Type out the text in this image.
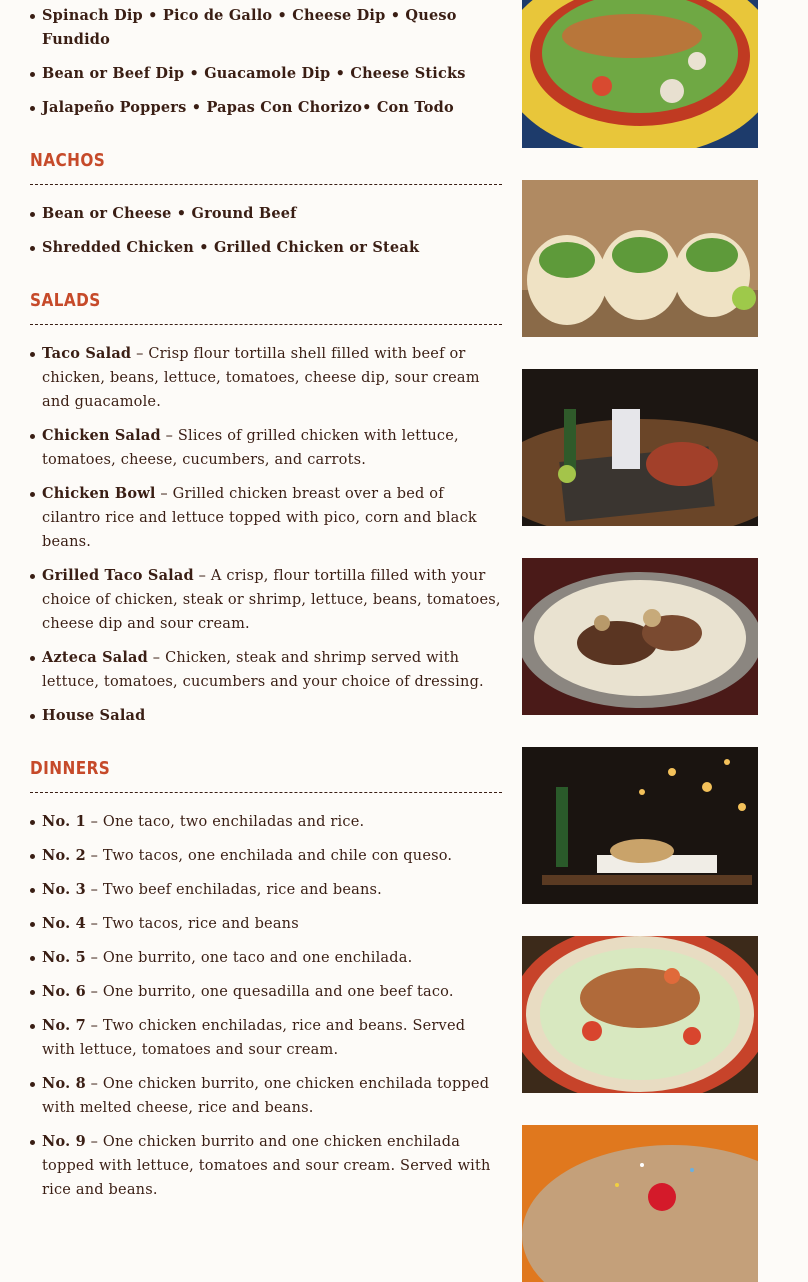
Spinach Dip • Pico de Gallo • Cheese Dip • Queso Fundido
Bean or Beef Dip • Guacamole Dip • Cheese Sticks
Jalapeño Poppers • Papas Con Chorizo• Con Todo
NACHOS
Bean or Cheese • Ground Beef
Shredded Chicken • Grilled Chicken or Steak
SALADS
Taco Salad – Crisp flour tortilla shell filled with beef or chicken, beans, lettuce, tomatoes, cheese dip, sour cream and guacamole.
Chicken Salad – Slices of grilled chicken with lettuce, tomatoes, cheese, cucumbers, and carrots.
Chicken Bowl – Grilled chicken breast over a bed of cilantro rice and lettuce topped with pico, corn and black beans.
Grilled Taco Salad – A crisp, flour tortilla filled with your choice of chicken, steak or shrimp, lettuce, beans, tomatoes, cheese dip and sour cream.
Azteca Salad – Chicken, steak and shrimp served with lettuce, tomatoes, cucumbers and your choice of dressing.
House Salad
DINNERS
No. 1 – One taco, two enchiladas and rice.
No. 2 – Two tacos, one enchilada and chile con queso.
No. 3 – Two beef enchiladas, rice and beans.
No. 4 – Two tacos, rice and beans
No. 5 – One burrito, one taco and one enchilada.
No. 6 – One burrito, one quesadilla and one beef taco.
No. 7 – Two chicken enchiladas, rice and beans. Served with lettuce, tomatoes and sour cream.
No. 8 – One chicken burrito, one chicken enchilada topped with melted cheese, rice and beans.
No. 9 – One chicken burrito and one chicken enchilada topped with lettuce, tomatoes and sour cream. Served with rice and beans.
